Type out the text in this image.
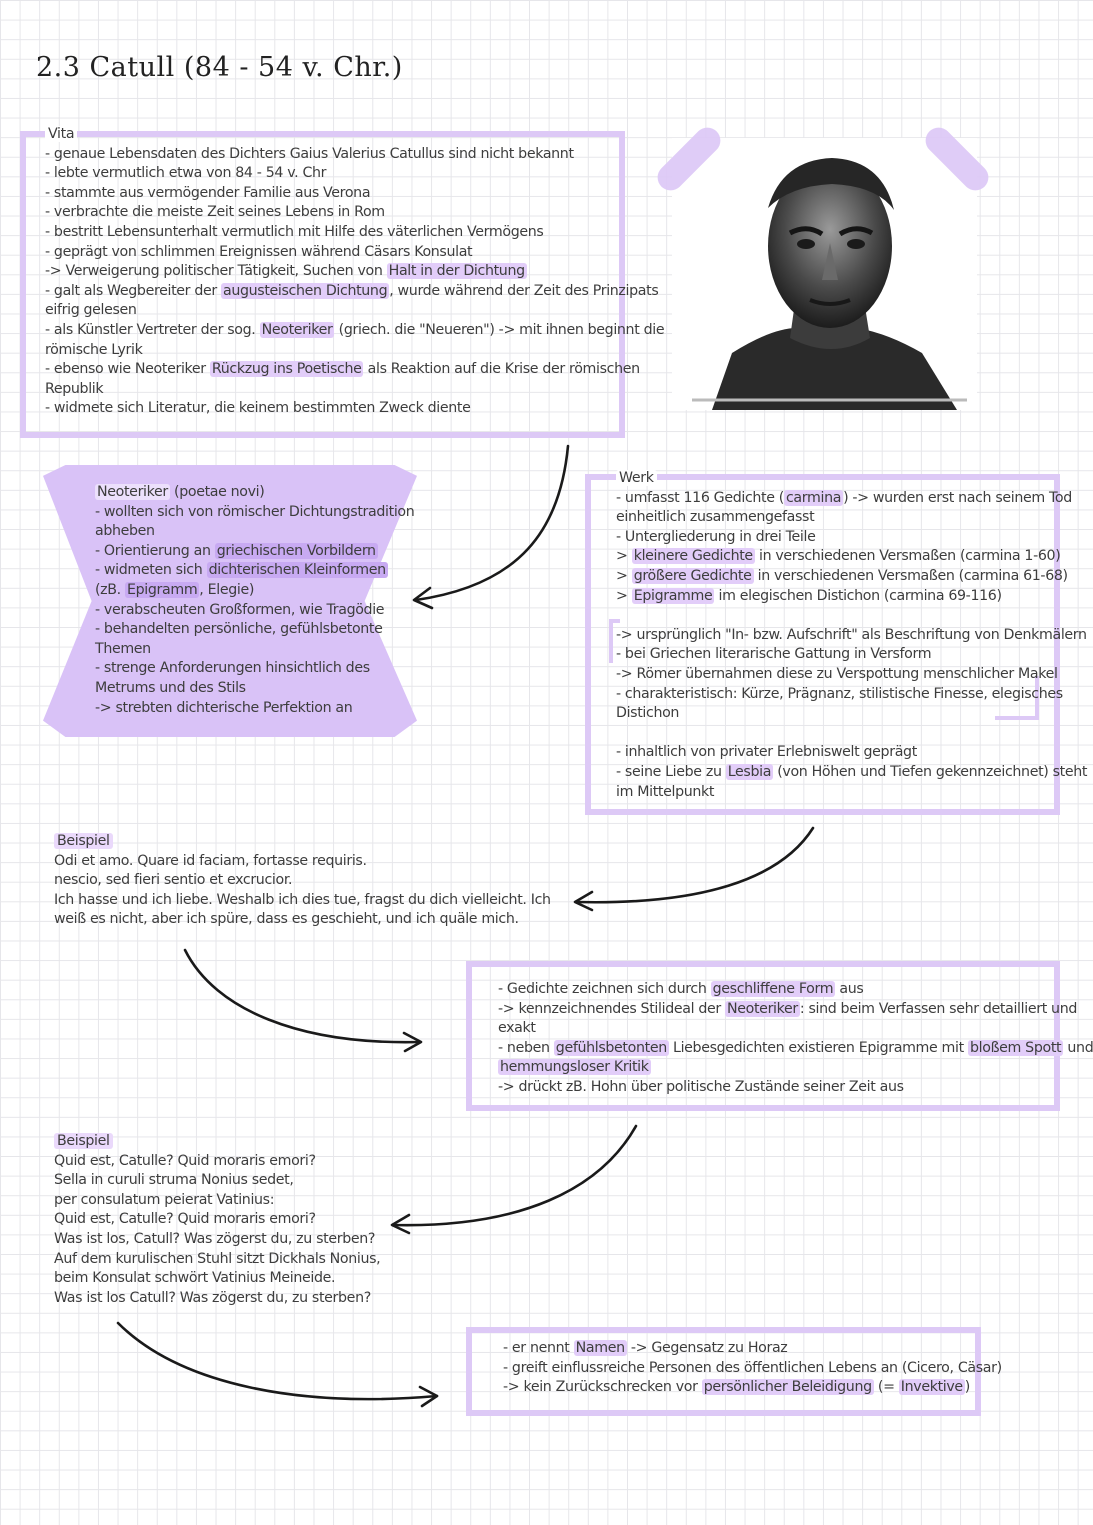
2.3 Catull (84 - 54 v. Chr.)
Vita
- genaue Lebensdaten des Dichters Gaius Valerius Catullus sind nicht bekannt
- lebte vermutlich etwa von 84 - 54 v. Chr
- stammte aus vermögender Familie aus Verona
- verbrachte die meiste Zeit seines Lebens in Rom
- bestritt Lebensunterhalt vermutlich mit Hilfe des väterlichen Vermögens
- geprägt von schlimmen Ereignissen während Cäsars Konsulat
-> Verweigerung politischer Tätigkeit, Suchen von Halt in der Dichtung
- galt als Wegbereiter der augusteischen Dichtung , wurde während der Zeit des Prinzipats
eifrig gelesen
- als Künstler Vertreter der sog. Neoteriker (griech. die "Neueren") -> mit ihnen beginnt die
römische Lyrik
- ebenso wie Neoteriker Rückzug ins Poetische als Reaktion auf die Krise der römischen
Republik
- widmete sich Literatur, die keinem bestimmten Zweck diente
Neoteriker (poetae novi)
- wollten sich von römischer Dichtungstradition
abheben
- Orientierung an griechischen Vorbildern
- widmeten sich dichterischen Kleinformen
(zB. Epigramm , Elegie)
- verabscheuten Großformen, wie Tragödie
- behandelten persönliche, gefühlsbetonte
Themen
- strenge Anforderungen hinsichtlich des
Metrums und des Stils
-> strebten dichterische Perfektion an
Werk
- umfasst 116 Gedichte ( carmina ) -> wurden erst nach seinem Tod
einheitlich zusammengefasst
- Untergliederung in drei Teile
> kleinere Gedichte in verschiedenen Versmaßen (carmina 1-60)
> größere Gedichte in verschiedenen Versmaßen (carmina 61-68)
> Epigramme im elegischen Distichon (carmina 69-116)
-> ursprünglich "In- bzw. Aufschrift" als Beschriftung von Denkmälern
- bei Griechen literarische Gattung in Versform
-> Römer übernahmen diese zu Verspottung menschlicher Makel
- charakteristisch: Kürze, Prägnanz, stilistische Finesse, elegisches
Distichon
- inhaltlich von privater Erlebniswelt geprägt
- seine Liebe zu Lesbia (von Höhen und Tiefen gekennzeichnet) steht
im Mittelpunkt
Beispiel
Odi et amo. Quare id faciam, fortasse requiris.
nescio, sed fieri sentio et excrucior.
Ich hasse und ich liebe. Weshalb ich dies tue, fragst du dich vielleicht. Ich
weiß es nicht, aber ich spüre, dass es geschieht, und ich quäle mich.
- Gedichte zeichnen sich durch geschliffene Form aus
-> kennzeichnendes Stilideal der Neoteriker : sind beim Verfassen sehr detailliert und
exakt
- neben gefühlsbetonten Liebesgedichten existieren Epigramme mit bloßem Spott und
hemmungsloser Kritik
-> drückt zB. Hohn über politische Zustände seiner Zeit aus
Beispiel
Quid est, Catulle? Quid moraris emori?
Sella in curuli struma Nonius sedet,
per consulatum peierat Vatinius:
Quid est, Catulle? Quid moraris emori?
Was ist los, Catull? Was zögerst du, zu sterben?
Auf dem kurulischen Stuhl sitzt Dickhals Nonius,
beim Konsulat schwört Vatinius Meineide.
Was ist los Catull? Was zögerst du, zu sterben?
- er nennt Namen -> Gegensatz zu Horaz
- greift einflussreiche Personen des öffentlichen Lebens an (Cicero, Cäsar)
-> kein Zurückschrecken vor persönlicher Beleidigung (= Invektive )
